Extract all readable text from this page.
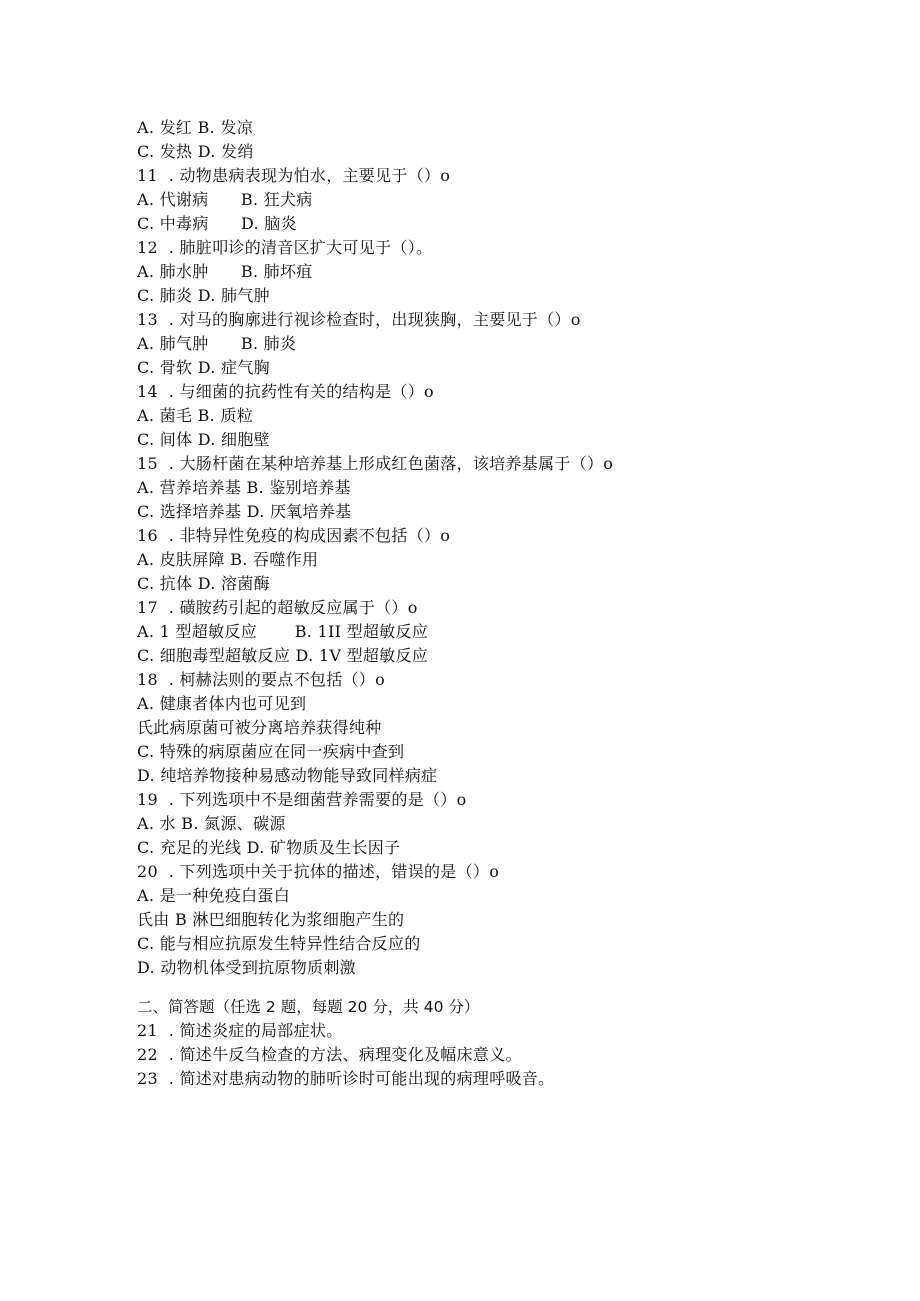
A. 发红 B. 发凉
C. 发热 D. 发绡
11  . 动物患病表现为怕水，主要见于（）o
A. 代谢病      B. 狂犬病
C. 中毒病      D. 脑炎
12  . 肺脏叩诊的清音区扩大可见于（）。
A. 肺水肿      B. 肺坏疽
C. 肺炎 D. 肺气肿
13  . 对马的胸廓进行视诊检查时，出现狭胸，主要见于（）o
A. 肺气肿      B. 肺炎
C. 骨软 D. 症气胸
14  . 与细菌的抗药性有关的结构是（）o
A. 菌毛 B. 质粒
C. 间体 D. 细胞壁
15  . 大肠杆菌在某种培养基上形成红色菌落，该培养基属于（）o
A. 营养培养基 B. 鉴别培养基
C. 选择培养基 D. 厌氧培养基
16  . 非特异性免疫的构成因素不包括（）o
A. 皮肤屏障 B. 吞噬作用
C. 抗体 D. 溶菌酶
17  . 磺胺药引起的超敏反应属于（）o
A. 1 型超敏反应       B. 1II 型超敏反应
C. 细胞毒型超敏反应 D. 1V 型超敏反应
18  . 柯赫法则的要点不包括（）o
A. 健康者体内也可见到
氏此病原菌可被分离培养获得纯种
C. 特殊的病原菌应在同一疾病中查到
D. 纯培养物接种易感动物能导致同样病症
19  . 下列选项中不是细菌营养需要的是（）o
A. 水 B. 氮源、碳源
C. 充足的光线 D. 矿物质及生长因子
20  . 下列选项中关于抗体的描述，错误的是（）o
A. 是一种免疫白蛋白
氏由 B 淋巴细胞转化为浆细胞产生的
C. 能与相应抗原发生特异性结合反应的
D. 动物机体受到抗原物质刺激
二、简答题（任选 2 题，每题 20 分，共 40 分）
21  . 简述炎症的局部症状。
22  . 简述牛反刍检查的方法、病理变化及幅床意义。
23  . 简述对患病动物的肺听诊时可能出现的病理呼吸音。
